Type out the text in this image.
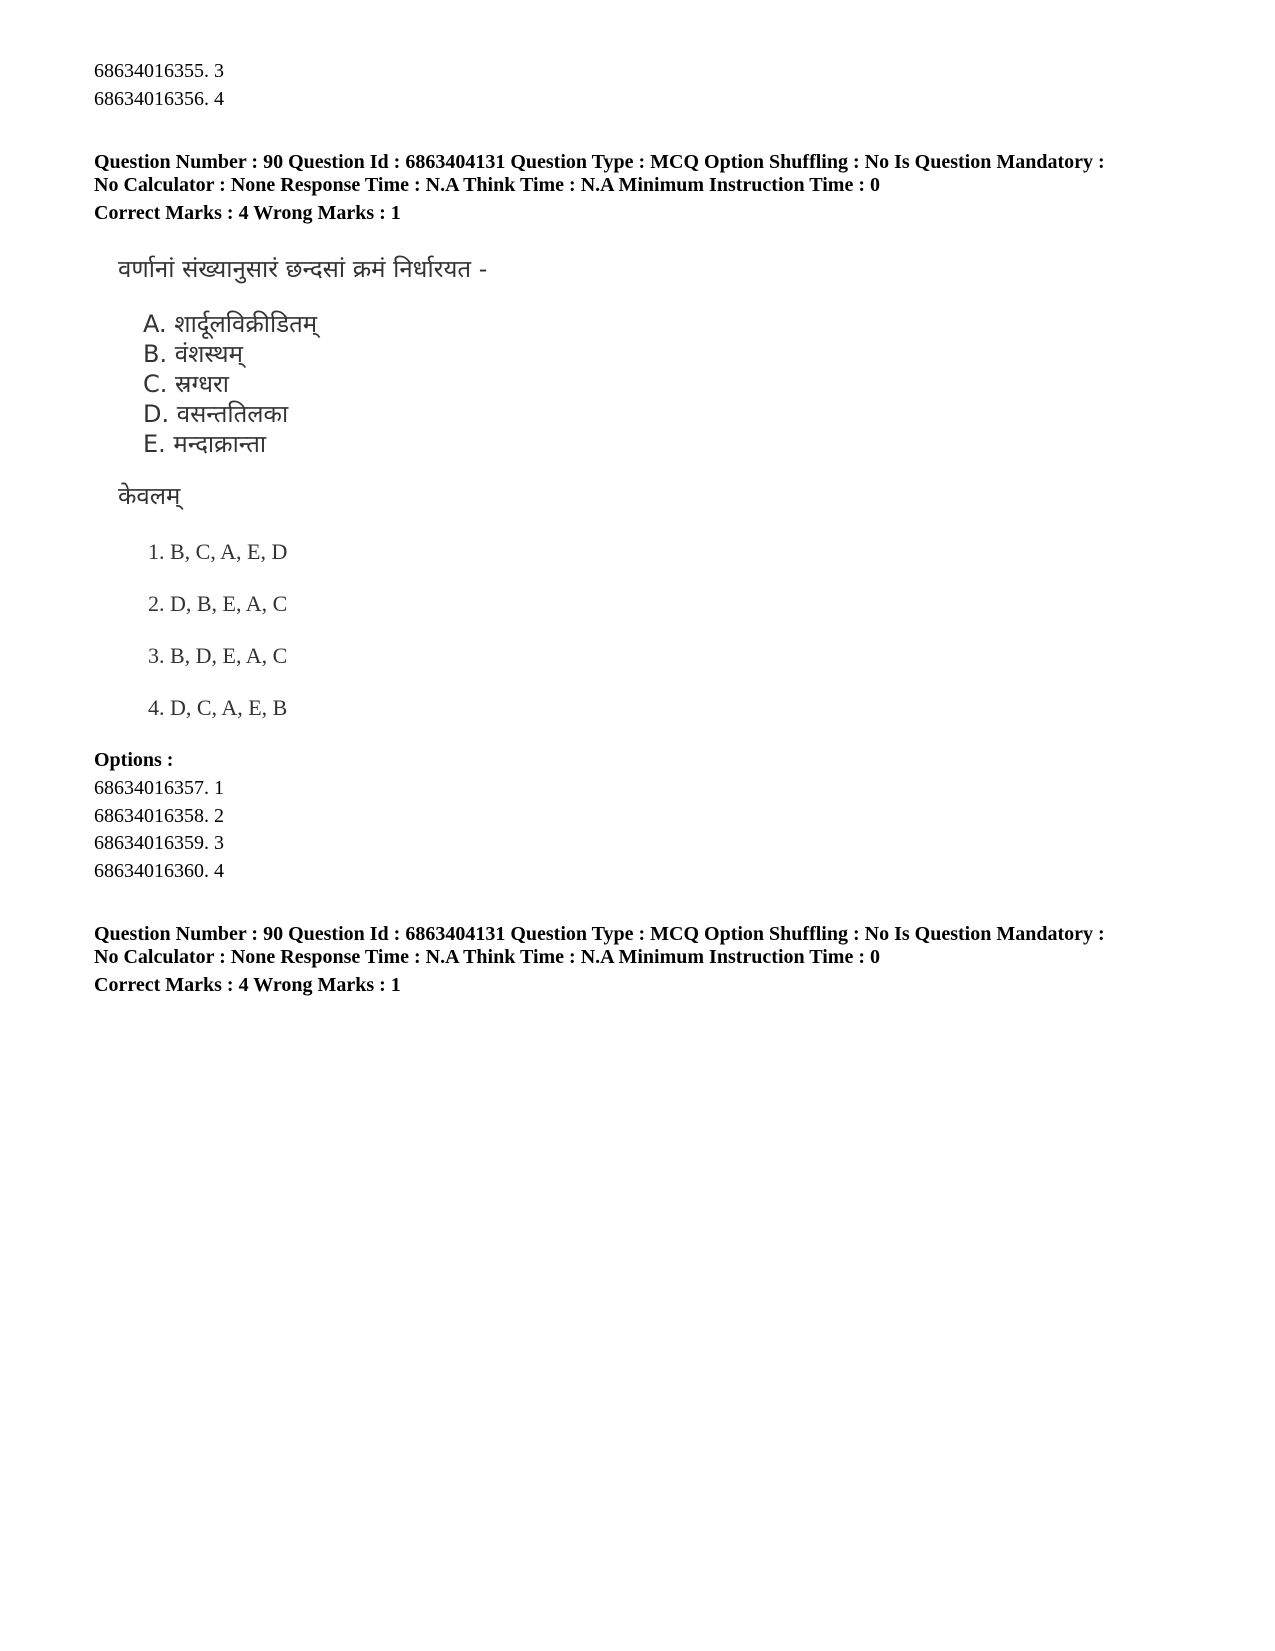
68634016355. 3
68634016356. 4
Question Number : 90 Question Id : 6863404131 Question Type : MCQ Option Shuffling : No Is Question Mandatory :
No Calculator : None Response Time : N.A Think Time : N.A Minimum Instruction Time : 0
Correct Marks : 4 Wrong Marks : 1
वर्णानां संख्यानुसारं छन्दसां क्रमं निर्धारयत -
A. शार्दूलविक्रीडितम्
B. वंशस्थम्
C. स्रग्धरा
D. वसन्ततिलका
E. मन्दाक्रान्ता
केवलम्
1. B, C, A, E, D
2. D, B, E, A, C
3. B, D, E, A, C
4. D, C, A, E, B
Options :
68634016357. 1
68634016358. 2
68634016359. 3
68634016360. 4
Question Number : 90 Question Id : 6863404131 Question Type : MCQ Option Shuffling : No Is Question Mandatory :
No Calculator : None Response Time : N.A Think Time : N.A Minimum Instruction Time : 0
Correct Marks : 4 Wrong Marks : 1
